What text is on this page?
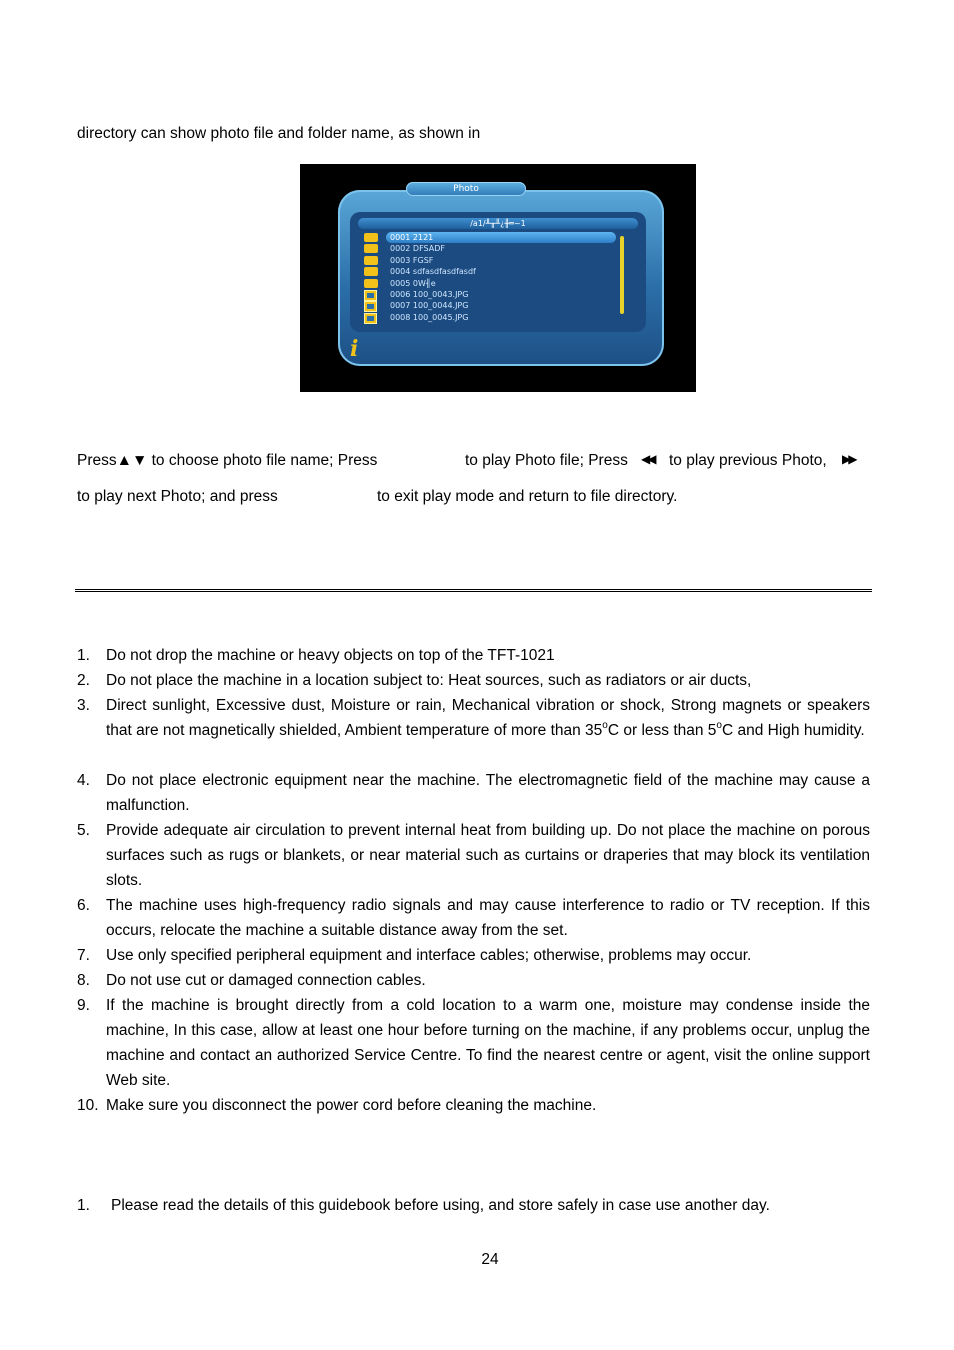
directory can show photo file and folder name, as shown in
Photo
/a1/╨╥╨¿╫═~1
0001 2121
0002 DFSADF
0003 FGSF
0004 sdfasdfasdfasdf
0005 0W╢e
0006 100_0043.JPG
0007 100_0044.JPG
0008 100_0045.JPG
i
Press▲▼ to choose photo file name; Press	to play Photo file; Press ◀◀ to play previous Photo, ▶▶
to play next Photo; and press	to exit play mode and return to file directory.
1. Do not drop the machine or heavy objects on top of the TFT-1021
2. Do not place the machine in a location subject to: Heat sources, such as radiators or air ducts,
3. Direct sunlight, Excessive dust, Moisture or rain, Mechanical vibration or shock, Strong magnets or speakers that are not magnetically shielded, Ambient temperature of more than 35$^o$C or less than 5$^o$C and High humidity.
4. Do not place electronic equipment near the machine. The electromagnetic field of the machine may cause a malfunction.
5. Provide adequate air circulation to prevent internal heat from building up. Do not place the machine on porous surfaces such as rugs or blankets, or near material such as curtains or draperies that may block its ventilation slots.
6. The machine uses high-frequency radio signals and may cause interference to radio or TV reception. If this occurs, relocate the machine a suitable distance away from the set.
7. Use only specified peripheral equipment and interface cables; otherwise, problems may occur.
8. Do not use cut or damaged connection cables.
9. If the machine is brought directly from a cold location to a warm one, moisture may condense inside the machine, In this case, allow at least one hour before turning on the machine, if any problems occur, unplug the machine and contact an authorized Service Centre. To find the nearest centre or agent, visit the online support Web site.
10. Make sure you disconnect the power cord before cleaning the machine.
1. Please read the details of this guidebook before using, and store safely in case use another day.
24
